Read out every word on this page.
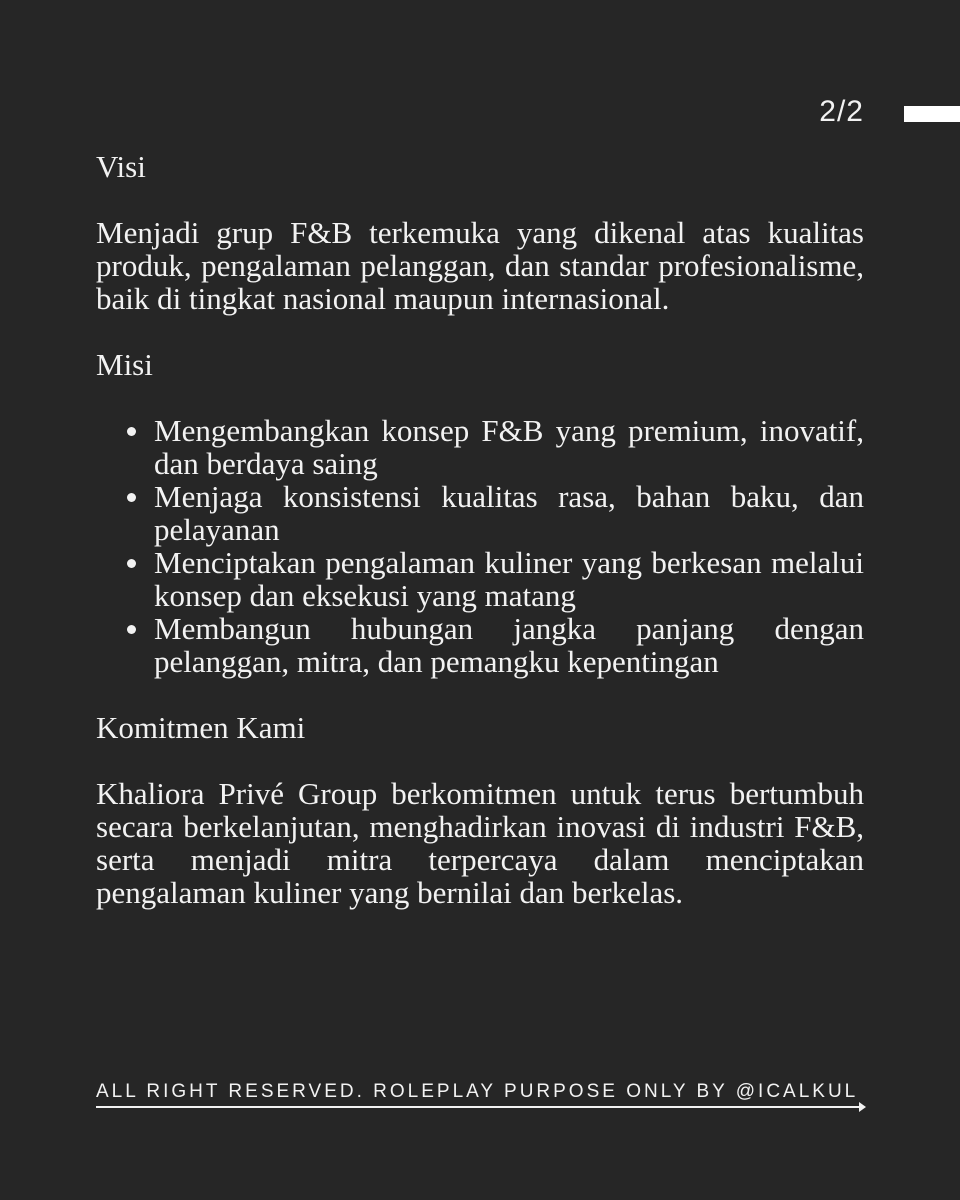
2/2
Visi

Menjadi grup F&B terkemuka yang dikenal atas kualitas produk, pengalaman pelanggan, dan standar profesionalisme, baik di tingkat nasional maupun internasional.

Misi
Mengembangkan konsep F&B yang premium, inovatif, dan berdaya saing
Menjaga konsistensi kualitas rasa, bahan baku, dan pelayanan
Menciptakan pengalaman kuliner yang berkesan melalui konsep dan eksekusi yang matang
Membangun hubungan jangka panjang dengan pelanggan, mitra, dan pemangku kepentingan
Komitmen Kami

Khaliora Privé Group berkomitmen untuk terus bertumbuh secara berkelanjutan, menghadirkan inovasi di industri F&B, serta menjadi mitra terpercaya dalam menciptakan pengalaman kuliner yang bernilai dan berkelas.

ALL RIGHT RESERVED. ROLEPLAY PURPOSE ONLY BY @ICALKUL
